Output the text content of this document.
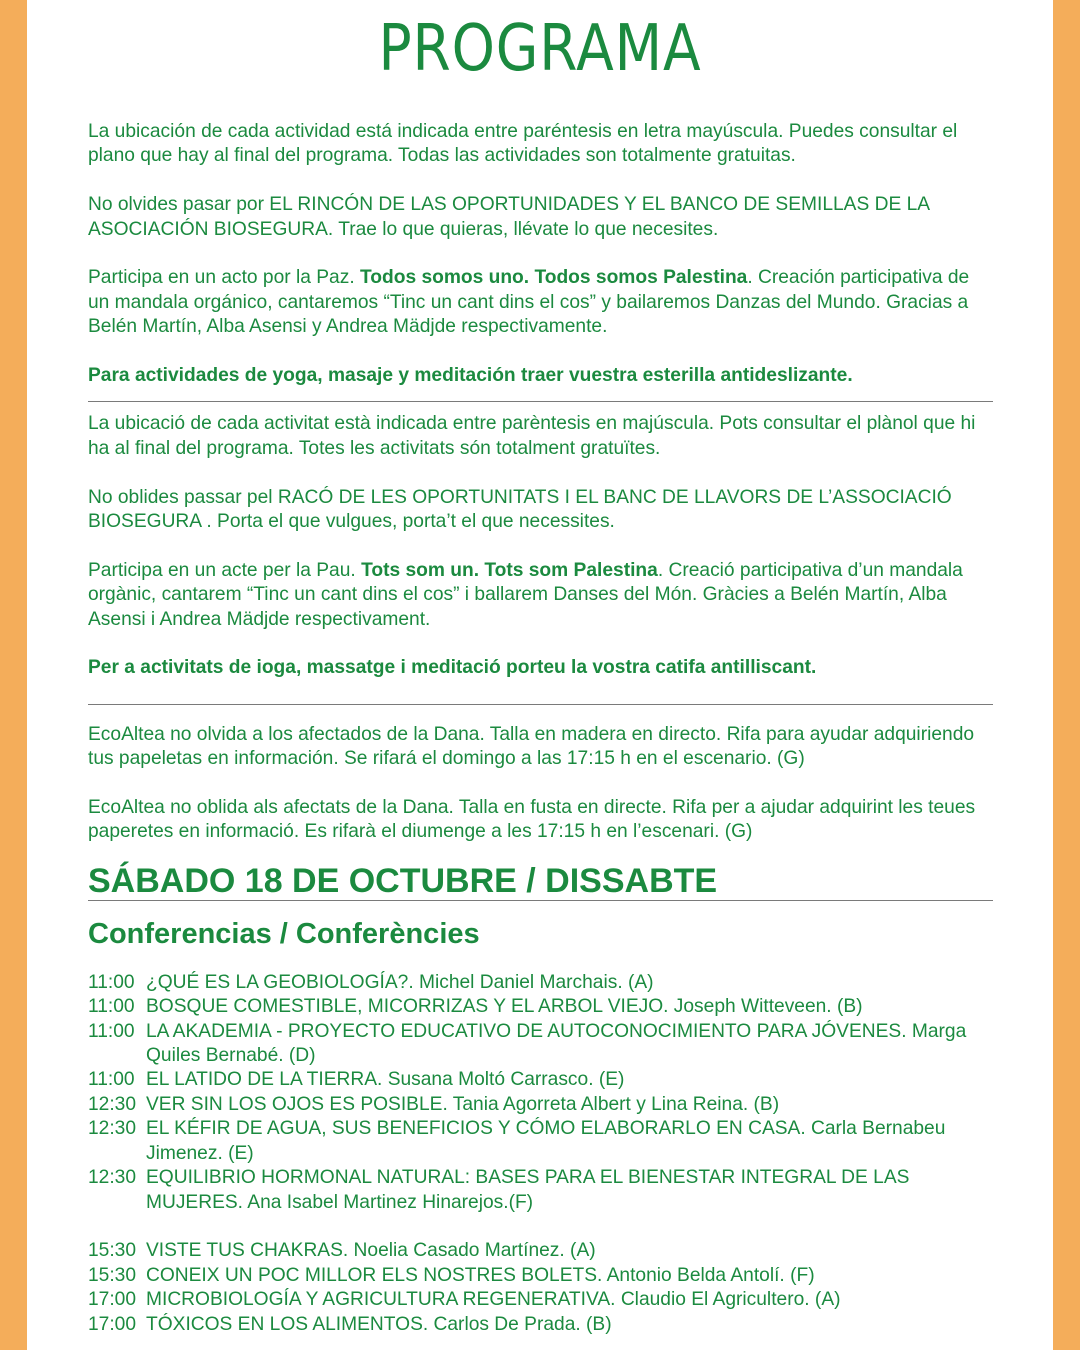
PROGRAMA

La ubicación de cada actividad está indicada entre paréntesis en letra mayúscula. Puedes consultar el plano que hay al final del programa. Todas las actividades son totalmente gratuitas.

No olvides pasar por EL RINCÓN DE LAS OPORTUNIDADES Y EL BANCO DE SEMILLAS DE LA ASOCIACIÓN BIOSEGURA. Trae lo que quieras, llévate lo que necesites.

Participa en un acto por la Paz. Todos somos uno. Todos somos Palestina. Creación participativa de un mandala orgánico, cantaremos “Tinc un cant dins el cos” y bailaremos Danzas del Mundo. Gracias a Belén Martín, Alba Asensi y Andrea Mädjde respectivamente.

Para actividades de yoga, masaje y meditación traer vuestra esterilla antideslizante.

La ubicació de cada activitat està indicada entre parèntesis en majúscula. Pots consultar el plànol que hi ha al final del programa. Totes les activitats són totalment gratuïtes.

No oblides passar pel RACÓ DE LES OPORTUNITATS I EL BANC DE LLAVORS DE L’ASSOCIACIÓ BIOSEGURA . Porta el que vulgues, porta’t el que necessites.

Participa en un acte per la Pau. Tots som un. Tots som Palestina. Creació participativa d’un mandala orgànic, cantarem “Tinc un cant dins el cos” i ballarem Danses del Món. Gràcies a Belén Martín, Alba Asensi i Andrea Mädjde respectivament.

Per a activitats de ioga, massatge i meditació porteu la vostra catifa antilliscant.

EcoAltea no olvida a los afectados de la Dana. Talla en madera en directo. Rifa para ayudar adquiriendo tus papeletas en información. Se rifará el domingo a las 17:15 h en el escenario. (G)

EcoAltea no oblida als afectats de la Dana. Talla en fusta en directe. Rifa per a ajudar adquirint les teues paperetes en informació. Es rifarà el diumenge a les 17:15 h en l’escenari. (G)

SÁBADO 18 DE OCTUBRE / DISSABTE
Conferencias / Conferències
11:00 ¿QUÉ ES LA GEOBIOLOGÍA?. Michel Daniel Marchais. (A)
11:00 BOSQUE COMESTIBLE, MICORRIZAS Y EL ARBOL VIEJO. Joseph Witteveen. (B)
11:00 LA AKADEMIA - PROYECTO EDUCATIVO DE AUTOCONOCIMIENTO PARA JÓVENES. Marga Quiles Bernabé. (D)
11:00 EL LATIDO DE LA TIERRA. Susana Moltó Carrasco. (E)
12:30 VER SIN LOS OJOS ES POSIBLE. Tania Agorreta Albert y Lina Reina. (B)
12:30 EL KÉFIR DE AGUA, SUS BENEFICIOS Y CÓMO ELABORARLO EN CASA. Carla Bernabeu Jimenez. (E)
12:30 EQUILIBRIO HORMONAL NATURAL: BASES PARA EL BIENESTAR INTEGRAL DE LAS MUJERES. Ana Isabel Martinez Hinarejos.(F)
15:30 VISTE TUS CHAKRAS. Noelia Casado Martínez. (A)
15:30 CONEIX UN POC MILLOR ELS NOSTRES BOLETS. Antonio Belda Antolí. (F)
17:00 MICROBIOLOGÍA Y AGRICULTURA REGENERATIVA. Claudio El Agricultero. (A)
17:00 TÓXICOS EN LOS ALIMENTOS. Carlos De Prada. (B)
